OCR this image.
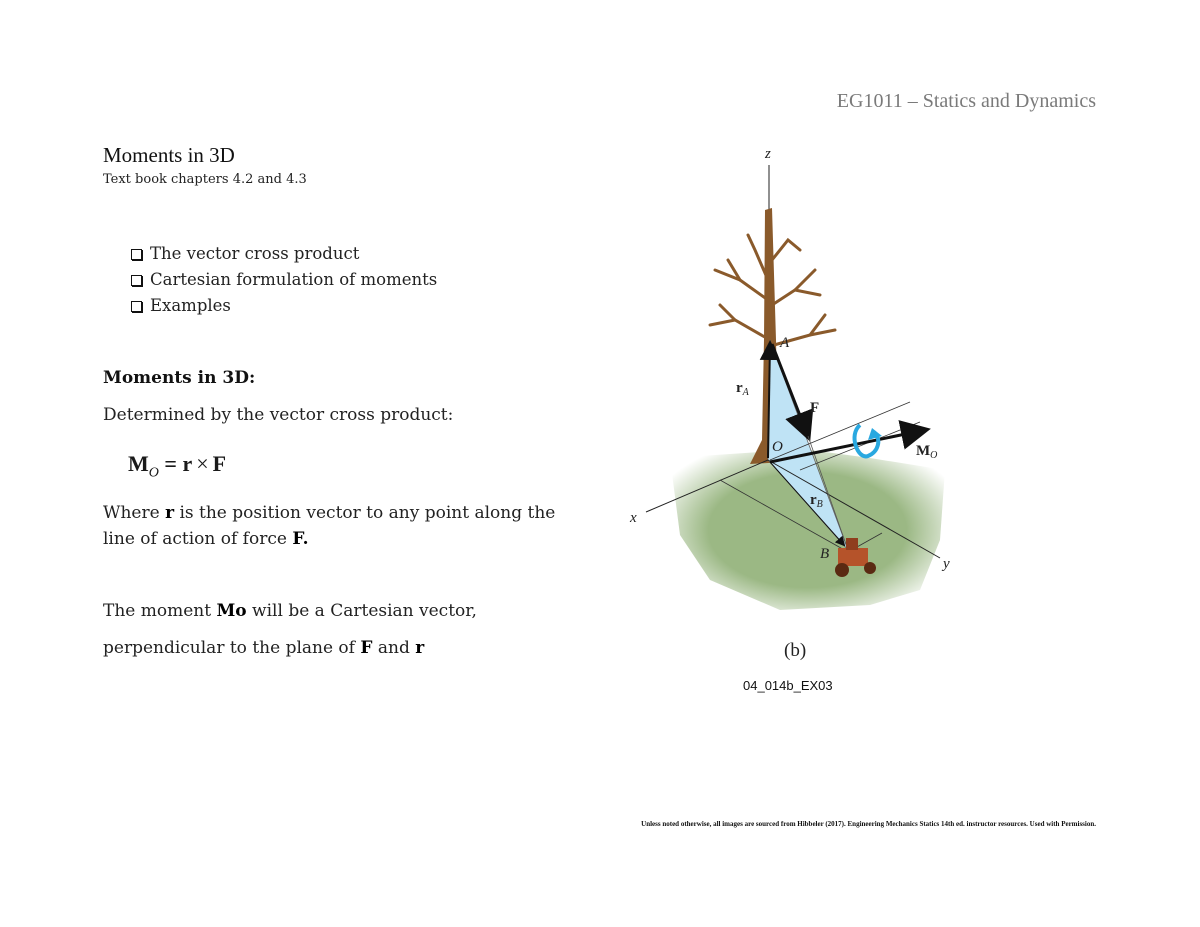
EG1011 – Statics and Dynamics
Moments in 3D
Text book chapters 4.2 and 4.3
The vector cross product
Cartesian formulation of moments
Examples
Moments in 3D:
Determined by the vector cross product:
$M_O = r \times F$
Where r is the position vector to any point along the line of action of force F.
The moment Mo will be a Cartesian vector,
perpendicular to the plane of F and r
z
x
y
A
B
O
F
$r_A$
$r_B$
$M_O$
(b)
04_014b_EX03
Unless noted otherwise, all images are sourced from Hibbeler (2017). Engineering Mechanics Statics 14th ed. instructor resources. Used with Permission.
